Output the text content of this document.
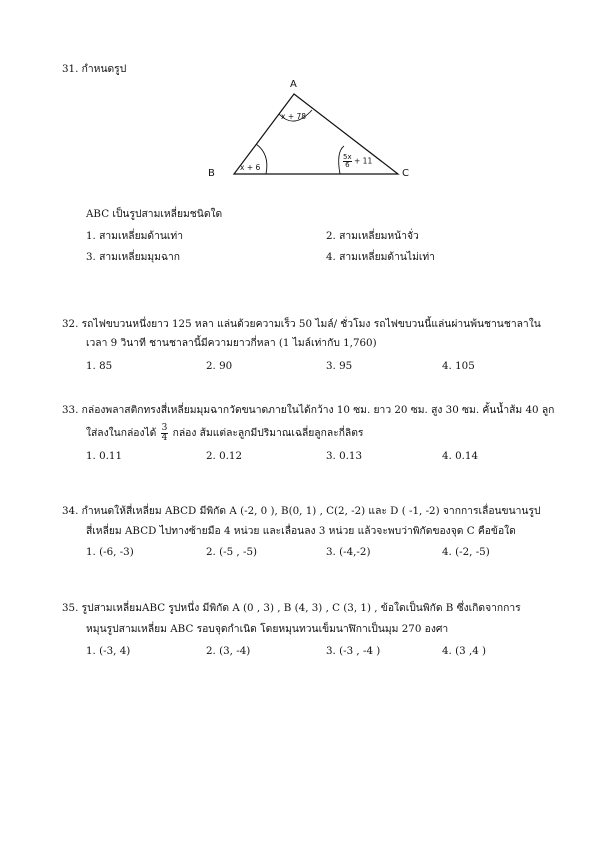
31. กำหนดรูป
A
B	C
x + 78
x + 6	$\frac{5x}{6} + 11$
ABC เป็นรูปสามเหลี่ยมชนิดใด
1. สามเหลี่ยมด้านเท่า	2. สามเหลี่ยมหน้าจั่ว
3. สามเหลี่ยมมุมฉาก	4. สามเหลี่ยมด้านไม่เท่า
32. รถไฟขบวนหนึ่งยาว 125 หลา แล่นด้วยความเร็ว 50 ไมล์/ ชั่วโมง รถไฟขบวนนี้แล่นผ่านพ้นชานชาลาใน
เวลา 9 วินาที ชานชาลานี้มีความยาวกี่หลา (1 ไมล์เท่ากับ 1,760)
1. 85	2. 90	3. 95	4. 105
33. กล่องพลาสติกทรงสี่เหลี่ยมมุมฉากวัดขนาดภายในได้กว้าง 10 ซม. ยาว 20 ซม. สูง 30 ซม. คั้นน้ำส้ม 40 ลูก
ใส่ลงในกล่องได้ $\frac{3}{4}$ กล่อง ส้มแต่ละลูกมีปริมาณเฉลี่ยลูกละกี่ลิตร
1. 0.11	2. 0.12	3. 0.13	4. 0.14
34. กำหนดให้สี่เหลี่ยม ABCD มีพิกัด A (-2, 0 ), B(0, 1) , C(2, -2) และ D ( -1, -2) จากการเลื่อนขนานรูป
สี่เหลี่ยม ABCD ไปทางซ้ายมือ 4 หน่วย และเลื่อนลง 3 หน่วย แล้วจะพบว่าพิกัดของจุด C คือข้อใด
1. (-6, -3)	2. (-5 , -5)	3. (-4,-2)	4. (-2, -5)
35. รูปสามเหลี่ยมABC รูปหนึ่ง มีพิกัด A (0 , 3) , B (4, 3) , C (3, 1) , ข้อใดเป็นพิกัด B ซึ่งเกิดจากการ
หมุนรูปสามเหลี่ยม ABC รอบจุดกำเนิด โดยหมุนทวนเข็มนาฬิกาเป็นมุม 270 องศา
1. (-3, 4)	2. (3, -4)	3. (-3 , -4 )	4. (3 ,4 )
